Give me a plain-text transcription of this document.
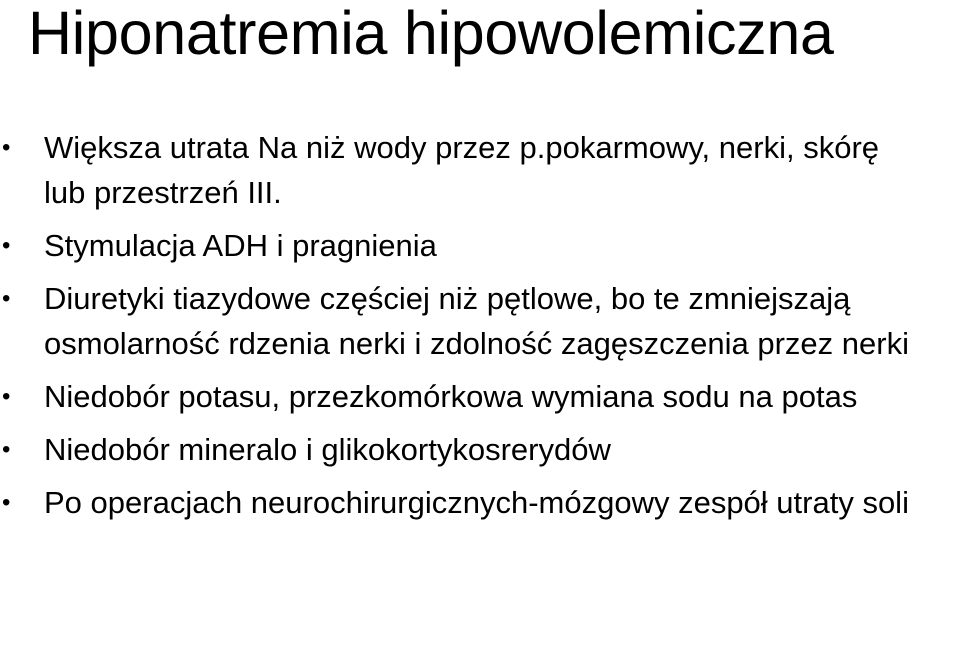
Hiponatremia hipowolemiczna
• Większa utrata Na niż wody przez p.pokarmowy, nerki, skórę lub przestrzeń III.
• Stymulacja ADH i pragnienia
• Diuretyki tiazydowe częściej niż pętlowe, bo te zmniejszają osmolarność rdzenia nerki i zdolność zagęszczenia przez nerki
• Niedobór potasu, przezkomórkowa wymiana sodu na potas
• Niedobór mineralo i glikokortykosrerydów
• Po operacjach neurochirurgicznych-mózgowy zespół utraty soli
